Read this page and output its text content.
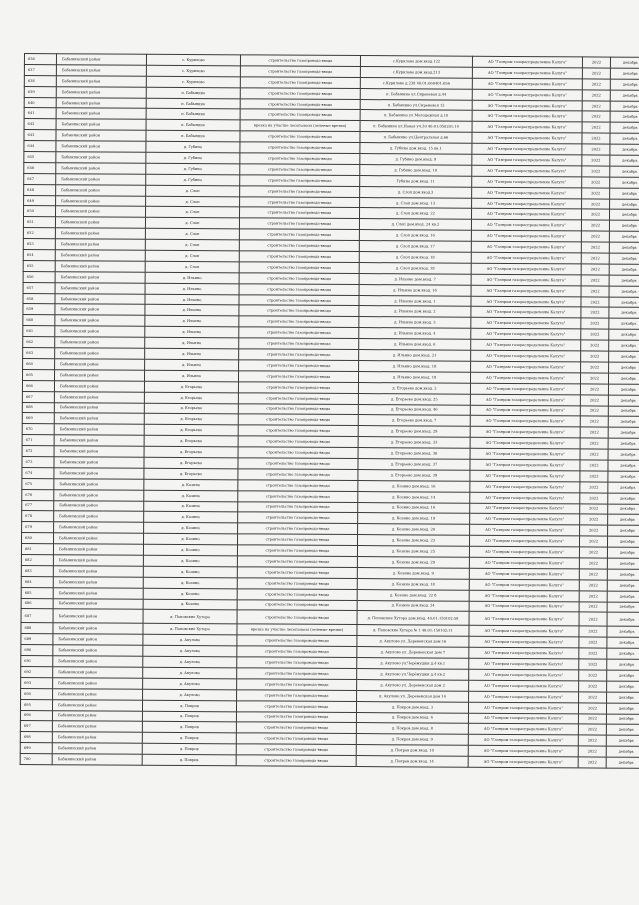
636	Бабынинский район	с. Курилово	строительство газопровода-ввода	с.Курилово дом.вход.122	АО "Газпром газораспределение Калуга"	2022	декабрь
637	Бабынинский район	с. Курилово	строительство газопровода-ввода	с.Курилово дом.вход.213	АО "Газпром газораспределение Калуга"	2022	декабрь
638	Бабынинский район	с. Курилово	строительство газопровода-ввода	с.Курилово д.238 40:01:060401:656	АО "Газпром газораспределение Калуга"	2022	декабрь
639	Бабынинский район	п. Бабынино	строительство газопровода-ввода	п. Бабынино ул.Сиреневая д.44	АО "Газпром газораспределение Калуга"	2022	декабрь
640	Бабынинский район	п. Бабынино	строительство газопровода-ввода	п. Бабынино ул.Сиреневая 12	АО "Газпром газораспределение Калуга"	2022	декабрь
641	Бабынинский район	п. Бабынино	строительство газопровода-ввода	п. Бабынино ул.Молодежная д.10	АО "Газпром газораспределение Калуга"	2022	декабрь
642	Бабынинский район	п. Бабынино	врезка на участке лесополосы (зеленые врезки)	п. Бабынино ул.Новая уч.30 40:01:050201:14	АО "Газпром газораспределение Калуга"	2022	декабрь
643	Бабынинский район	п. Бабынино	строительство газопровода-ввода	п. Бабынино ул.Центральная д.66	АО "Газпром газораспределение Калуга"	2022	декабрь
644	Бабынинский район	д. Губино	строительство газопровода-ввода	д. Губино дом.вход. 15 кв.1	АО "Газпром газораспределение Калуга"	2022	декабрь
645	Бабынинский район	д. Губино	строительство газопровода-ввода	д. Губино дом.вход. 9	АО "Газпром газораспределение Калуга"	2022	декабрь
646	Бабынинский район	д. Губино	строительство газопровода-ввода	д. Губино дом.вход. 10	АО "Газпром газораспределение Калуга"	2022	декабрь
647	Бабынинский район	д. Губино	строительство газопровода-ввода	Губино дом.вход. 11	АО "Газпром газораспределение Калуга"	2022	декабрь
648	Бабынинский район	д. Слоп	строительство газопровода-ввода	д. Слоп дом.вход.3	АО "Газпром газораспределение Калуга"	2022	декабрь
649	Бабынинский район	д. Слоп	строительство газопровода-ввода	д. Слоп дом.вход. 13	АО "Газпром газораспределение Калуга"	2022	декабрь
650	Бабынинский район	д. Слоп	строительство газопровода-ввода	д. Слоп дом.вход. 22	АО "Газпром газораспределение Калуга"	2022	декабрь
651	Бабынинский район	д. Слоп	строительство газопровода-ввода	д. Слоп дом.вход. 24 кв.2	АО "Газпром газораспределение Калуга"	2022	декабрь
652	Бабынинский район	д. Слоп	строительство газопровода-ввода	д. Слоп дом.вход. 16	АО "Газпром газораспределение Калуга"	2022	декабрь
653	Бабынинский район	д. Слоп	строительство газопровода-ввода	д. Слоп дом.вход. 17	АО "Газпром газораспределение Калуга"	2022	декабрь
654	Бабынинский район	д. Слоп	строительство газопровода-ввода	д. Слоп дом.вход. 18	АО "Газпром газораспределение Калуга"	2022	декабрь
655	Бабынинский район	д. Слоп	строительство газопровода-ввода	д. Слоп дом.вход. 19	АО "Газпром газораспределение Калуга"	2022	декабрь
656	Бабынинский район	д. Ильино	строительство газопровода-ввода	д. Ильино дом.вход. 7	АО "Газпром газораспределение Калуга"	2022	декабрь
657	Бабынинский район	д. Ильино	строительство газопровода-ввода	д. Ильино дом.вход. 16	АО "Газпром газораспределение Калуга"	2022	декабрь
658	Бабынинский район	д. Ильино	строительство газопровода-ввода	д. Ильино дом.вход. 1	АО "Газпром газораспределение Калуга"	2022	декабрь
659	Бабынинский район	д. Ильино	строительство газопровода-ввода	д. Ильино дом.вход. 2	АО "Газпром газораспределение Калуга"	2022	декабрь
660	Бабынинский район	д. Ильино	строительство газопровода-ввода	д. Ильино дом.вход. 3	АО "Газпром газораспределение Калуга"	2022	декабрь
661	Бабынинский район	д. Ильино	строительство газопровода-ввода	д. Ильино дом.вход. 4	АО "Газпром газораспределение Калуга"	2022	декабрь
662	Бабынинский район	д. Ильино	строительство газопровода-ввода	д. Ильино дом.вход. 6	АО "Газпром газораспределение Калуга"	2022	декабрь
663	Бабынинский район	д. Ильино	строительство газопровода-ввода	д. Ильино дом.вход. 21	АО "Газпром газораспределение Калуга"	2022	декабрь
664	Бабынинский район	д. Ильино	строительство газопровода-ввода	д. Ильино дом.вход. 18	АО "Газпром газораспределение Калуга"	2022	декабрь
665	Бабынинский район	д. Ильино	строительство газопровода-ввода	д. Ильино дом.вход. 19	АО "Газпром газораспределение Калуга"	2022	декабрь
666	Бабынинский район	д. Егорьево	строительство газопровода-ввода	д. Егорьево дом.вход. 2	АО "Газпром газораспределение Калуга"	2022	декабрь
667	Бабынинский район	д. Егорьево	строительство газопровода-ввода	д. Егорьево дом.вход. 25	АО "Газпром газораспределение Калуга"	2022	декабрь
668	Бабынинский район	д. Егорьево	строительство газопровода-ввода	д. Егорьево дом.вход. 46	АО "Газпром газораспределение Калуга"	2022	декабрь
669	Бабынинский район	д. Егорьево	строительство газопровода-ввода	д. Егорьево дом.вход. 7	АО "Газпром газораспределение Калуга"	2022	декабрь
670	Бабынинский район	д. Егорьево	строительство газопровода-ввода	д. Егорьево дом.вход. 29	АО "Газпром газораспределение Калуга"	2022	декабрь
671	Бабынинский район	д. Егорьево	строительство газопровода-ввода	д. Егорьево дом.вход. 33	АО "Газпром газораспределение Калуга"	2022	декабрь
672	Бабынинский район	д. Егорьево	строительство газопровода-ввода	д. Егорьево дом.вход. 36	АО "Газпром газораспределение Калуга"	2022	декабрь
673	Бабынинский район	д. Егорьево	строительство газопровода-ввода	д. Егорьево дом.вход. 37	АО "Газпром газораспределение Калуга"	2022	декабрь
674	Бабынинский район	д. Егорьево	строительство газопровода-ввода	д. Егорьево дом.вход. 39	АО "Газпром газораспределение Калуга"	2022	декабрь
675	Бабынинский район	д. Козино	строительство газопровода-ввода	д. Козино дом.вход. 16	АО "Газпром газораспределение Калуга"	2022	декабрь
676	Бабынинский район	д. Козино	строительство газопровода-ввода	д. Козино дом.вход. 14	АО "Газпром газораспределение Калуга"	2022	декабрь
677	Бабынинский район	д. Козино	строительство газопровода-ввода	д. Козино дом.вход. 16	АО "Газпром газораспределение Калуга"	2022	декабрь
678	Бабынинский район	д. Козино	строительство газопровода-ввода	д. Козино дом.вход. 19	АО "Газпром газораспределение Калуга"	2022	декабрь
679	Бабынинский район	д. Козино	строительство газопровода-ввода	д. Козино дом.вход. 20	АО "Газпром газораспределение Калуга"	2022	декабрь
680	Бабынинский район	д. Козино	строительство газопровода-ввода	д. Козино дом.вход. 23	АО "Газпром газораспределение Калуга"	2022	декабрь
681	Бабынинский район	д. Козино	строительство газопровода-ввода	д. Козино дом.вход. 25	АО "Газпром газораспределение Калуга"	2022	декабрь
682	Бабынинский район	д. Козино	строительство газопровода-ввода	д. Козино дом.вход. 29	АО "Газпром газораспределение Калуга"	2022	декабрь
683	Бабынинский район	д. Козино	строительство газопровода-ввода	д. Козино дом.вход. 9	АО "Газпром газораспределение Калуга"	2022	декабрь
684	Бабынинский район	д. Козино	строительство газопровода-ввода	д. Козино дом.вход. 18	АО "Газпром газораспределение Калуга"	2022	декабрь
685	Бабынинский район	д. Козино	строительство газопровода-ввода	д. Козино дом.вход. 22 б	АО "Газпром газораспределение Калуга"	2022	декабрь
686	Бабынинский район	д. Козино	строительство газопровода-ввода	д. Козино дом.вход. 24	АО "Газпром газораспределение Калуга"	2022	декабрь
687	Бабынинский район	д. Поповские Хутора	строительство газопровода-ввода	д. Поповские Хутора дом.вход. 40:01:150102:58	АО "Газпром газораспределение Калуга"	2022	декабрь
688	Бабынинский район	д. Поповские Хутора	врезка на участке лесополосы (зеленые врезки)	д. Поповские Хутора № 1 40:01:150102:11	АО "Газпром газораспределение Калуга"	2022	декабрь
689	Бабынинский район	д. Акулово	строительство газопровода-ввода	д. Акулово ул. Деревенская дом 16	АО "Газпром газораспределение Калуга"	2022	декабрь
690	Бабынинский район	д. Акулово	строительство газопровода-ввода	д. Акулово ул. Деревенская дом 7	АО "Газпром газораспределение Калуга"	2022	декабрь
691	Бабынинский район	д. Акулово	строительство газопровода-ввода	д. Акулово ул.Черёмушки д.4 кв.1	АО "Газпром газораспределение Калуга"	2022	декабрь
692	Бабынинский район	д. Акулово	строительство газопровода-ввода	д. Акулово ул.Черёмушки д.4 кв.2	АО "Газпром газораспределение Калуга"	2022	декабрь
693	Бабынинский район	д. Акулово	строительство газопровода-ввода	д. Акулово ул. Деревенская дом 2	АО "Газпром газораспределение Калуга"	2022	декабрь
694	Бабынинский район	д. Акулово	строительство газопровода-ввода	д. Акулово ул. Деревенская дом 14	АО "Газпром газораспределение Калуга"	2022	декабрь
695	Бабынинский район	д. Покров	строительство газопровода-ввода	д. Покров дом.вход. 3	АО "Газпром газораспределение Калуга"	2022	декабрь
696	Бабынинский район	д. Покров	строительство газопровода-ввода	д. Покров дом.вход. 6	АО "Газпром газораспределение Калуга"	2022	декабрь
697	Бабынинский район	д. Покров	строительство газопровода-ввода	д. Покров дом.вход. 8	АО "Газпром газораспределение Калуга"	2022	декабрь
698	Бабынинский район	д. Покров	строительство газопровода-ввода	д. Покров дом.вход. 9	АО "Газпром газораспределение Калуга"	2022	декабрь
699	Бабынинский район	д. Покров	строительство газопровода-ввода	д. Покров дом.вход. 10	АО "Газпром газораспределение Калуга"	2022	декабрь
700	Бабынинский район	д. Покров	строительство газопровода-ввода	д. Покров дом.вход. 14	АО "Газпром газораспределение Калуга"	2022	декабрь
